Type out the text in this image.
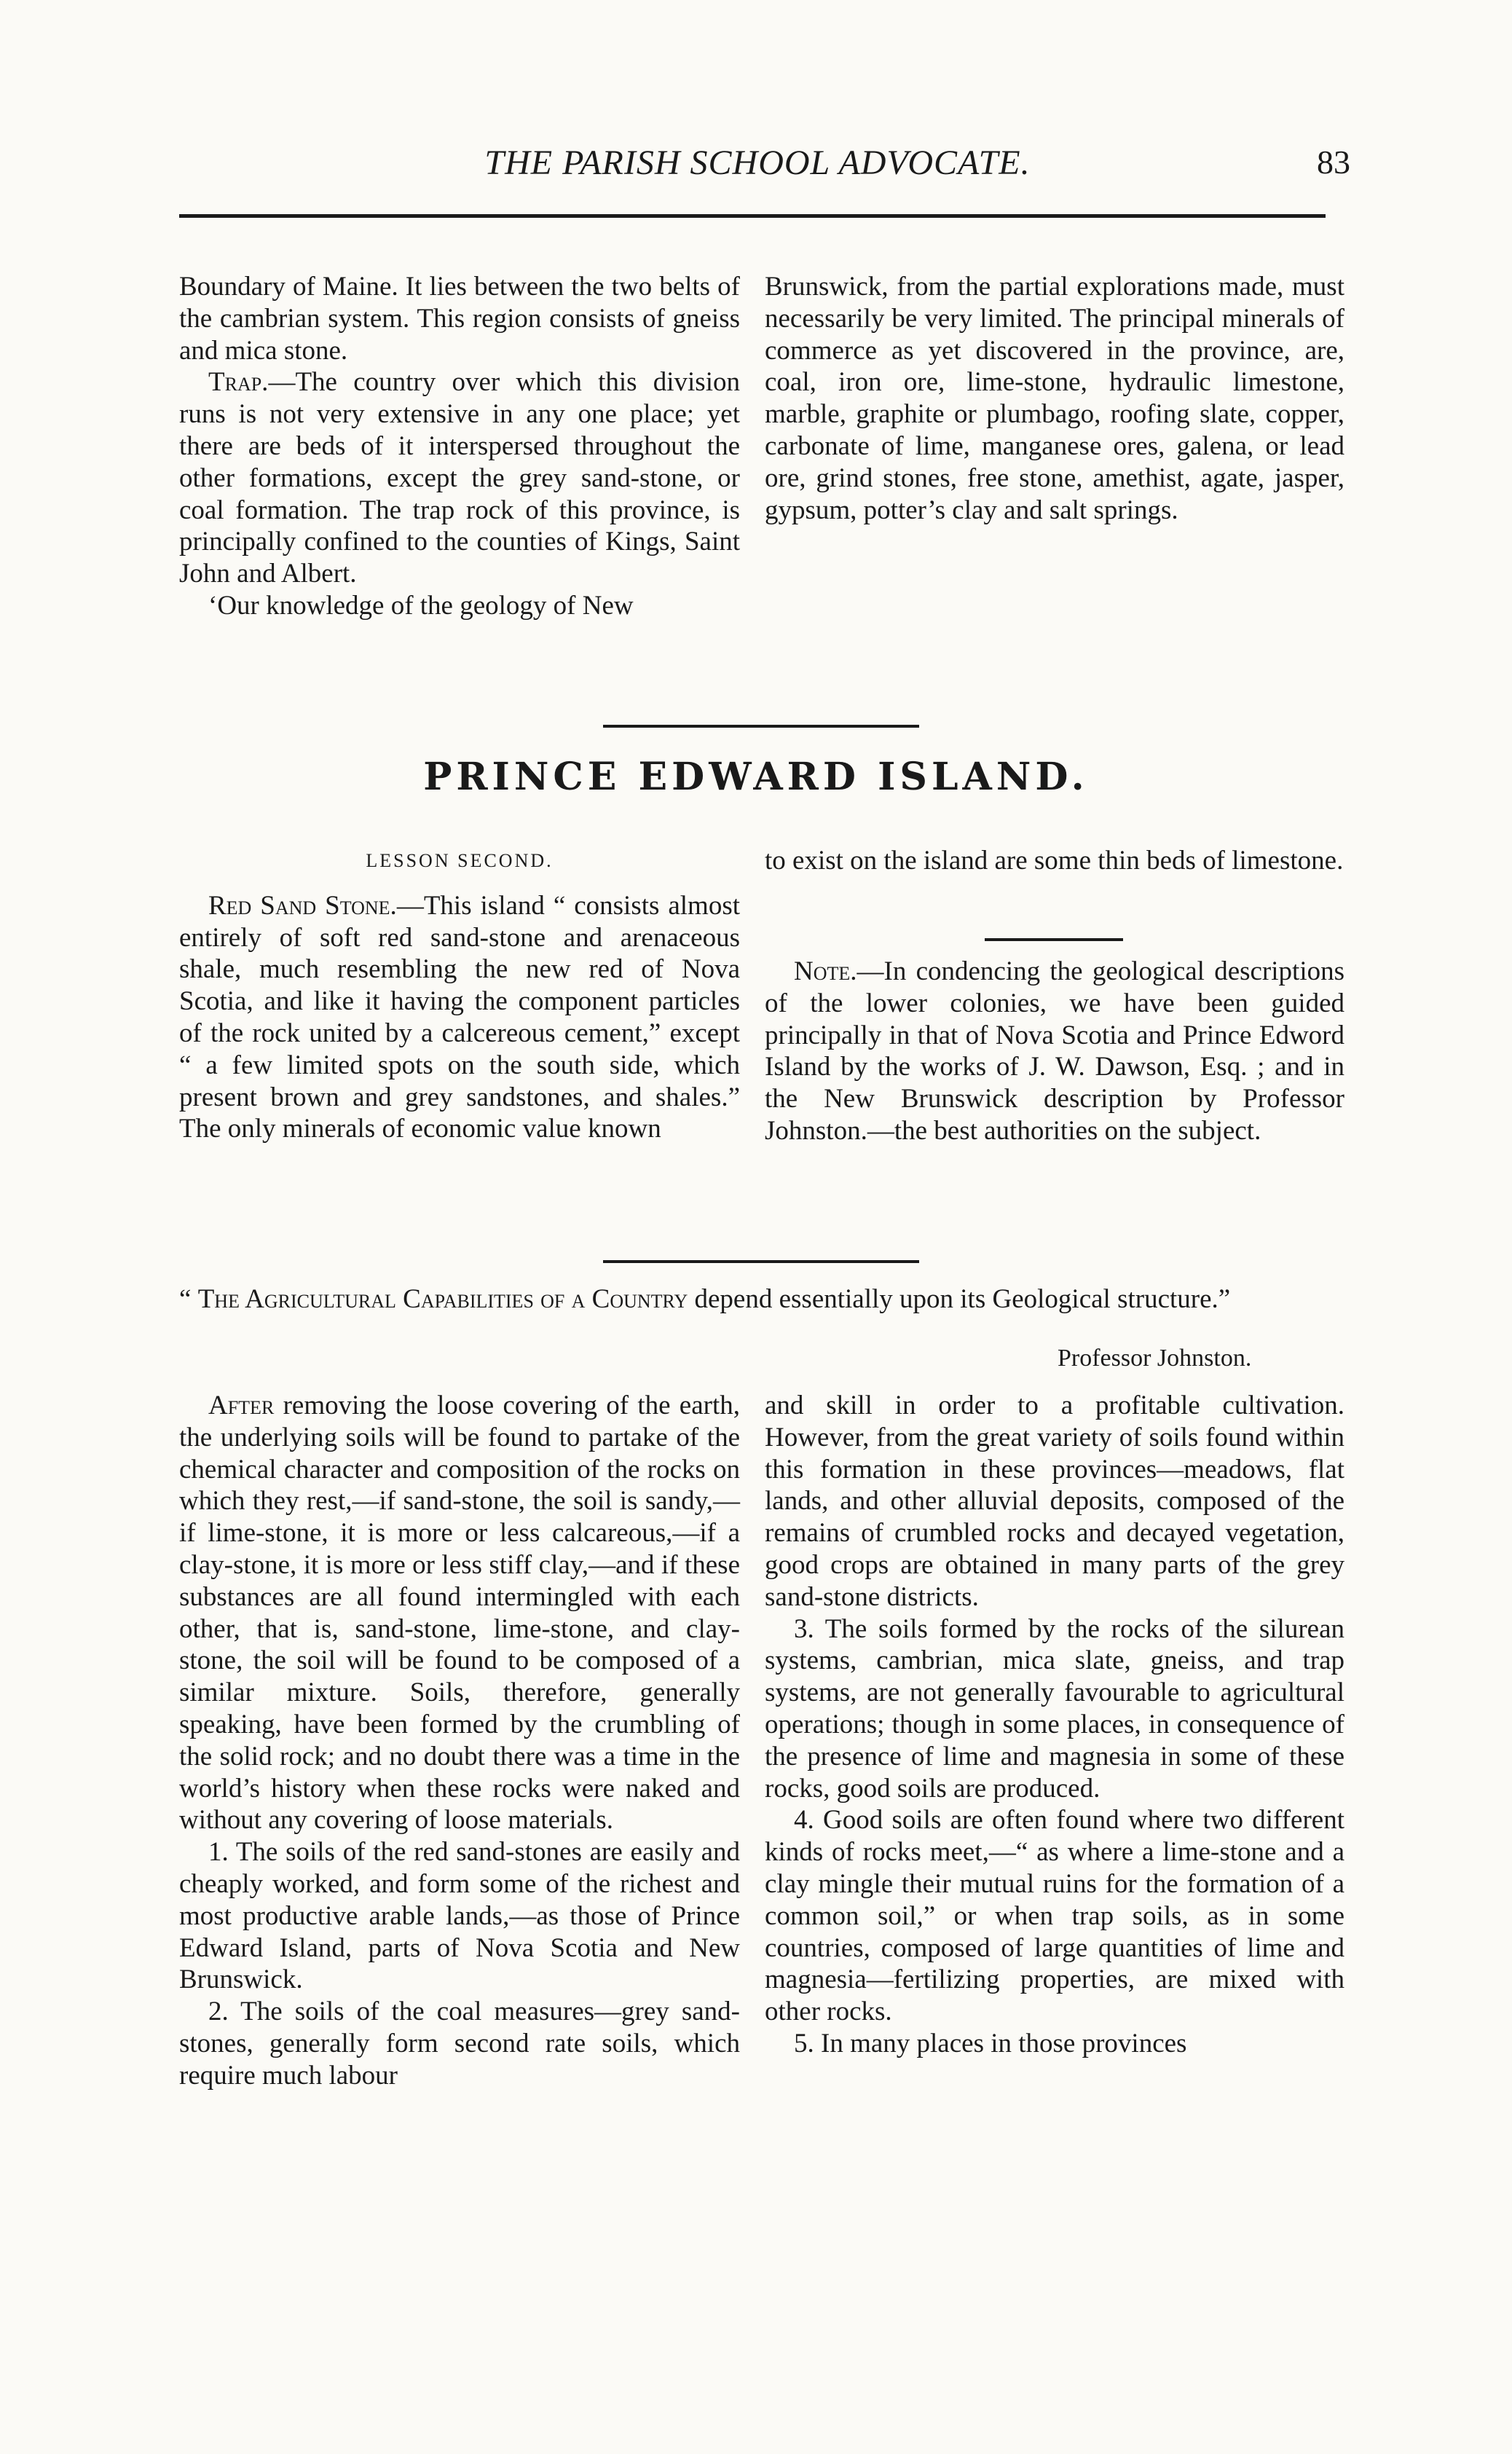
THE PARISH SCHOOL ADVOCATE.	83

Boundary of Maine. It lies between the two belts of the cambrian system. This region consists of gneiss and mica stone.

Trap.—The country over which this division runs is not very extensive in any one place; yet there are beds of it interspersed throughout the other formations, except the grey sand-stone, or coal formation. The trap rock of this province, is principally confined to the counties of Kings, Saint John and Albert.

‘Our knowledge of the geology of New

Brunswick, from the partial explorations made, must necessarily be very limited. The principal minerals of commerce as yet discovered in the province, are, coal, iron ore, lime-stone, hydraulic limestone, marble, graphite or plumbago, roofing slate, copper, carbonate of lime, manganese ores, galena, or lead ore, grind stones, free stone, amethist, agate, jasper, gypsum, potter’s clay and salt springs.

PRINCE EDWARD ISLAND.
LESSON SECOND.

Red Sand Stone.—This island “ consists almost entirely of soft red sand-stone and arenaceous shale, much resembling the new red of Nova Scotia, and like it having the component particles of the rock united by a calcereous cement,” except “ a few limited spots on the south side, which present brown and grey sandstones, and shales.” The only minerals of economic value known

to exist on the island are some thin beds of limestone.

Note.—In condencing the geological descriptions of the lower colonies, we have been guided principally in that of Nova Scotia and Prince Edword Island by the works of J. W. Dawson, Esq. ; and in the New Brunswick description by Professor Johnston.—the best authorities on the subject.

“ The Agricultural Capabilities of a Country depend essentially upon its Geological structure.”
Professor Johnston.

After removing the loose covering of the earth, the underlying soils will be found to partake of the chemical character and composition of the rocks on which they rest,—if sand-stone, the soil is sandy,—if lime-stone, it is more or less calcareous,—if a clay-stone, it is more or less stiff clay,—and if these substances are all found intermingled with each other, that is, sand-stone, lime-stone, and clay-stone, the soil will be found to be composed of a similar mixture. Soils, therefore, generally speaking, have been formed by the crumbling of the solid rock; and no doubt there was a time in the world’s history when these rocks were naked and without any covering of loose materials.

1. The soils of the red sand-stones are easily and cheaply worked, and form some of the richest and most productive arable lands,—as those of Prince Edward Island, parts of Nova Scotia and New Brunswick.

2. The soils of the coal measures—grey sand-stones, generally form second rate soils, which require much labour

and skill in order to a profitable cultivation. However, from the great variety of soils found within this formation in these provinces—meadows, flat lands, and other alluvial deposits, composed of the remains of crumbled rocks and decayed vegetation, good crops are obtained in many parts of the grey sand-stone districts.

3. The soils formed by the rocks of the silurean systems, cambrian, mica slate, gneiss, and trap systems, are not generally favourable to agricultural operations; though in some places, in consequence of the presence of lime and magnesia in some of these rocks, good soils are produced.

4. Good soils are often found where two different kinds of rocks meet,—“ as where a lime-stone and a clay mingle their mutual ruins for the formation of a common soil,” or when trap soils, as in some countries, composed of large quantities of lime and magnesia—fertilizing properties, are mixed with other rocks.

5. In many places in those provinces
